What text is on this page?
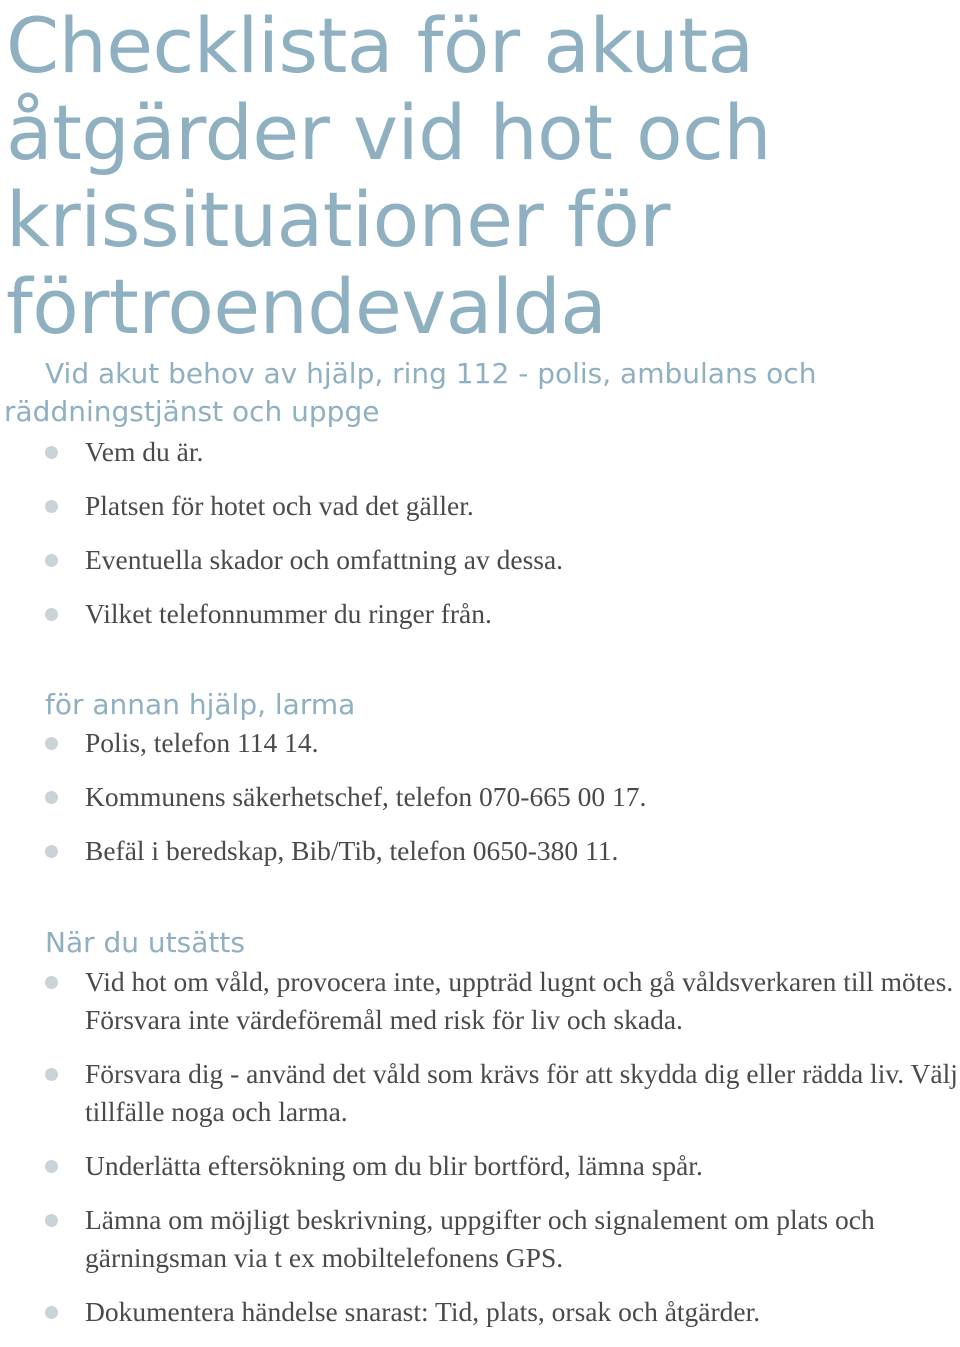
Checklista för akuta åtgärder vid hot och krissituationer för förtroendevalda

Vid akut behov av hjälp, ring 112 - polis, ambulans och räddningstjänst och uppge

Vem du är.
Platsen för hotet och vad det gäller.
Eventuella skador och omfattning av dessa.
Vilket telefonnummer du ringer från.
för annan hjälp, larma
Polis, telefon 114 14.
Kommunens säkerhetschef, telefon 070-665 00 17.
Befäl i beredskap, Bib/Tib, telefon 0650-380 11.
När du utsätts
Vid hot om våld, provocera inte, uppträd lugnt och gå våldsverkaren till mötes. Försvara inte värdeföremål med risk för liv och skada.
Försvara dig - använd det våld som krävs för att skydda dig eller rädda liv. Välj tillfälle noga och larma.
Underlätta eftersökning om du blir bortförd, lämna spår.
Lämna om möjligt beskrivning, uppgifter och signalement om plats och gärningsman via t ex mobiltelefonens GPS.
Dokumentera händelse snarast: Tid, plats, orsak och åtgärder.
